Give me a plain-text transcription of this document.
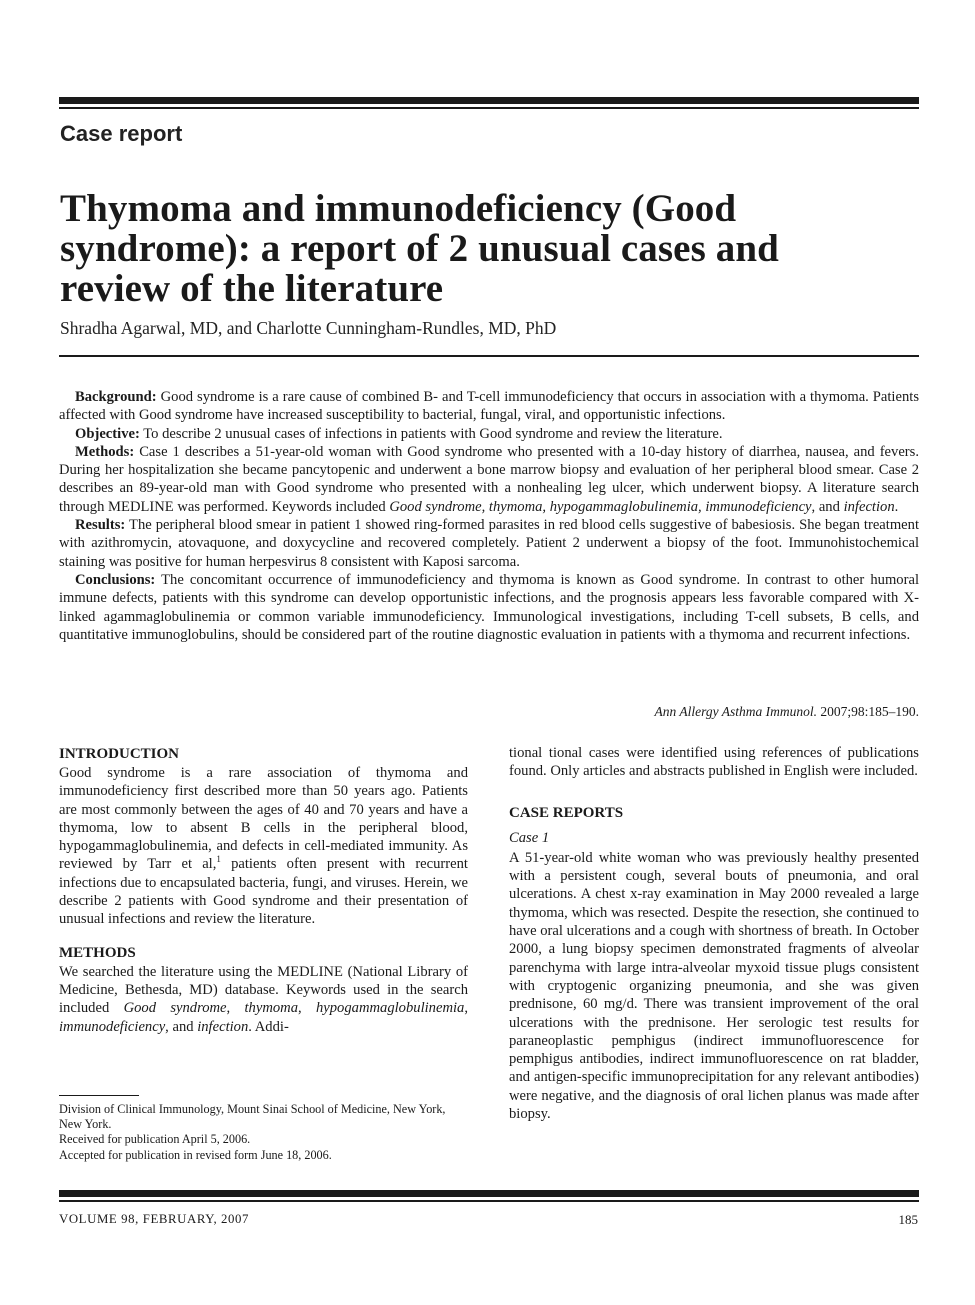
Case report

Thymoma and immunodeficiency (Good
syndrome): a report of 2 unusual cases and
review of the literature

Shradha Agarwal, MD, and Charlotte Cunningham-Rundles, MD, PhD

Background: Good syndrome is a rare cause of combined B- and T-cell immunodeficiency that occurs in association with a thymoma. Patients affected with Good syndrome have increased susceptibility to bacterial, fungal, viral, and opportunistic infections.

Objective: To describe 2 unusual cases of infections in patients with Good syndrome and review the literature.

Methods: Case 1 describes a 51-year-old woman with Good syndrome who presented with a 10-day history of diarrhea, nausea, and fevers. During her hospitalization she became pancytopenic and underwent a bone marrow biopsy and evaluation of her peripheral blood smear. Case 2 describes an 89-year-old man with Good syndrome who presented with a nonhealing leg ulcer, which underwent biopsy. A literature search through MEDLINE was performed. Keywords included Good syndrome, thymoma, hypogammaglobulinemia, immunodeficiency, and infection.

Results: The peripheral blood smear in patient 1 showed ring-formed parasites in red blood cells suggestive of babesiosis. She began treatment with azithromycin, atovaquone, and doxycycline and recovered completely. Patient 2 underwent a biopsy of the foot. Immunohistochemical staining was positive for human herpesvirus 8 consistent with Kaposi sarcoma.

Conclusions: The concomitant occurrence of immunodeficiency and thymoma is known as Good syndrome. In contrast to other humoral immune defects, patients with this syndrome can develop opportunistic infections, and the prognosis appears less favorable compared with X-linked agammaglobulinemia or common variable immunodeficiency. Immunological investigations, including T-cell subsets, B cells, and quantitative immunoglobulins, should be considered part of the routine diagnostic evaluation in patients with a thymoma and recurrent infections.

Ann Allergy Asthma Immunol. 2007;98:185–190.

INTRODUCTION

Good syndrome is a rare association of thymoma and immunodeficiency first described more than 50 years ago. Patients are most commonly between the ages of 40 and 70 years and have a thymoma, low to absent B cells in the peripheral blood, hypogammaglobulinemia, and defects in cell-mediated immunity. As reviewed by Tarr et al,$^1$ patients often present with recurrent infections due to encapsulated bacteria, fungi, and viruses. Herein, we describe 2 patients with Good syndrome and their presentation of unusual infections and review the literature.

METHODS

We searched the literature using the MEDLINE (National Library of Medicine, Bethesda, MD) database. Keywords used in the search included Good syndrome, thymoma, hypogammaglobulinemia, immunodeficiency, and infection. Addi-

Division of Clinical Immunology, Mount Sinai School of Medicine, New York, New York.

Received for publication April 5, 2006.

Accepted for publication in revised form June 18, 2006.

tional tional cases were identified using references of publications found. Only articles and abstracts published in English were included.

CASE REPORTS

Case 1

A 51-year-old white woman who was previously healthy presented with a persistent cough, several bouts of pneumonia, and oral ulcerations. A chest x-ray examination in May 2000 revealed a large thymoma, which was resected. Despite the resection, she continued to have oral ulcerations and a cough with shortness of breath. In October 2000, a lung biopsy specimen demonstrated fragments of alveolar parenchyma with large intra-alveolar myxoid tissue plugs consistent with cryptogenic organizing pneumonia, and she was given prednisone, 60 mg/d. There was transient improvement of the oral ulcerations with the prednisone. Her serologic test results for paraneoplastic pemphigus (indirect immunofluorescence for pemphigus antibodies, indirect immunofluorescence on rat bladder, and antigen-specific immunoprecipitation for any relevant antibodies) were negative, and the diagnosis of oral lichen planus was made after biopsy.

VOLUME 98, FEBRUARY, 2007	185
